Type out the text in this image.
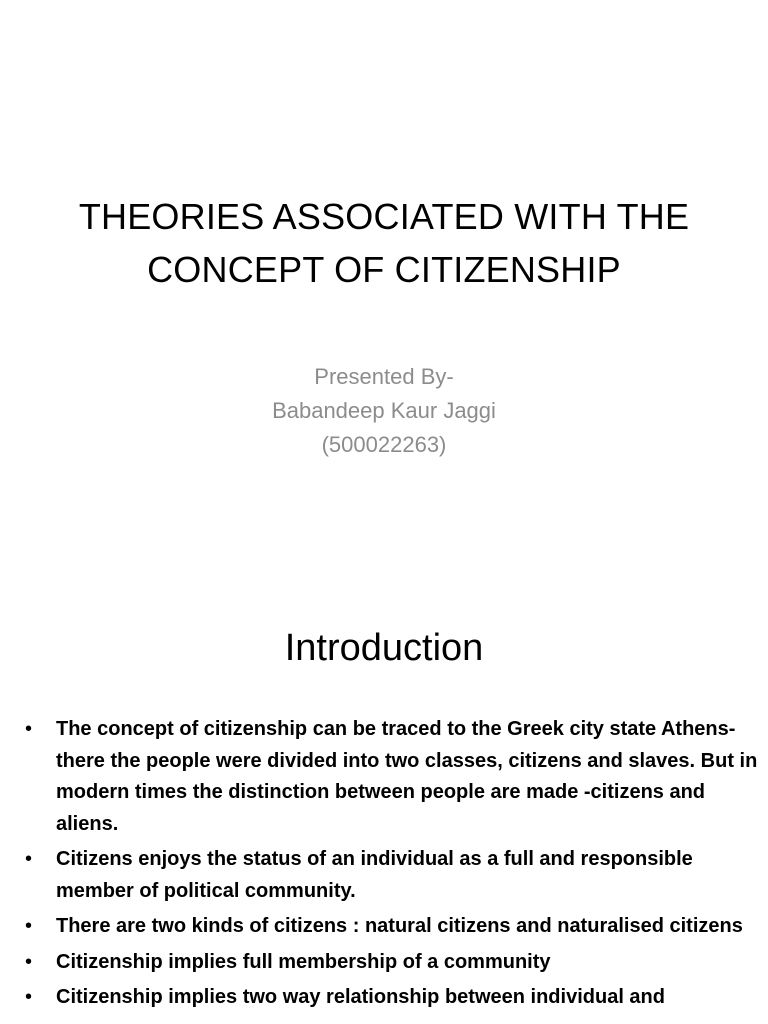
THEORIES ASSOCIATED WITH THE
CONCEPT OF CITIZENSHIP
Presented By-
Babandeep Kaur Jaggi
(500022263)
Introduction
• The concept of citizenship can be traced to the Greek city state Athens- there the people were divided into two classes, citizens and slaves. But in modern times the distinction between people are made -citizens and aliens.
• Citizens enjoys the status of an individual as a full and responsible member of political community.
• There are two kinds of citizens : natural citizens and naturalised citizens
• Citizenship implies full membership of a community
• Citizenship implies two way relationship between individual and
